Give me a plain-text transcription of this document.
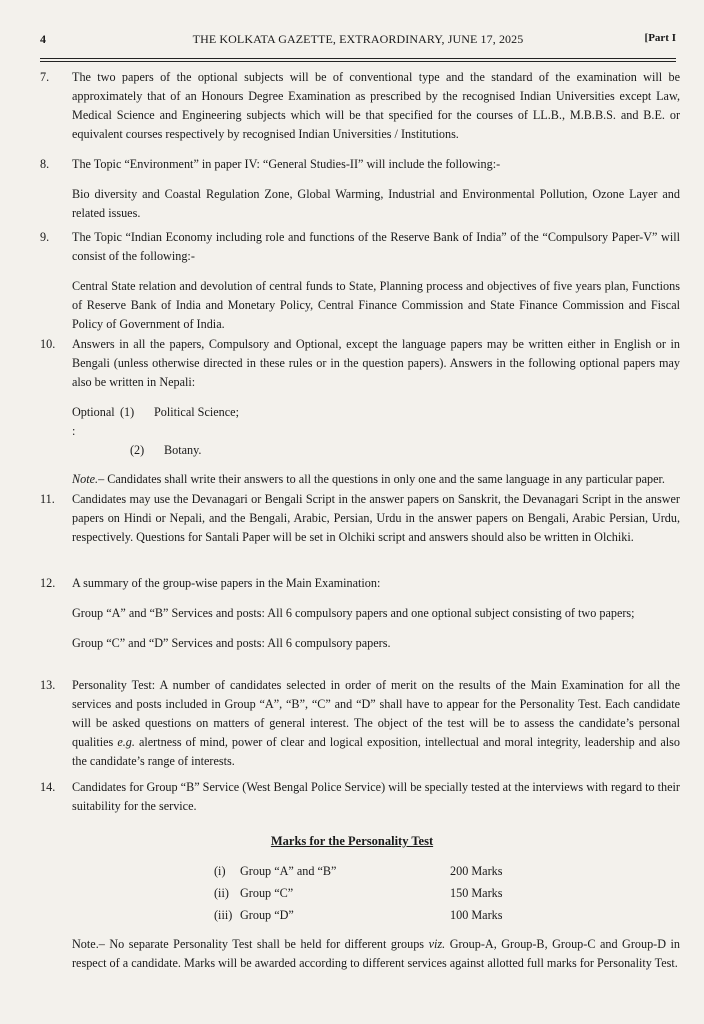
4	THE KOLKATA GAZETTE, EXTRAORDINARY, JUNE 17, 2025	[Part I
7.	The two papers of the optional subjects will be of conventional type and the standard of the examination will be approximately that of an Honours Degree Examination as prescribed by the recognised Indian Universities except Law, Medical Science and Engineering subjects which will be that specified for the courses of LL.B., M.B.B.S. and B.E. or equivalent courses respectively by recognised Indian Universities / Institutions.

8.	The Topic “Environment” in paper IV: “General Studies-II” will include the following:-

Bio diversity and Coastal Regulation Zone, Global Warming, Industrial and Environmental Pollution, Ozone Layer and related issues.

9.	The Topic “Indian Economy including role and functions of the Reserve Bank of India” of the “Compulsory Paper-V” will consist of the following:-

Central State relation and devolution of central funds to State, Planning process and objectives of five years plan, Functions of Reserve Bank of India and Monetary Policy, Central Finance Commission and State Finance Commission and Fiscal Policy of Government of India.

10.	Answers in all the papers, Compulsory and Optional, except the language papers may be written either in English or in Bengali (unless otherwise directed in these rules or in the question papers). Answers in the following optional papers may also be written in Nepali:

Optional :
(1)	Political Science;
(2)	Botany.

Note.– Candidates shall write their answers to all the questions in only one and the same language in any particular paper.

11.	Candidates may use the Devanagari or Bengali Script in the answer papers on Sanskrit, the Devanagari Script in the answer papers on Hindi or Nepali, and the Bengali, Arabic, Persian, Urdu in the answer papers on Bengali, Arabic Persian, Urdu, respectively. Questions for Santali Paper will be set in Olchiki script and answers should also be written in Olchiki.

12.	A summary of the group-wise papers in the Main Examination:

Group “A” and “B” Services and posts: All 6 compulsory papers and one optional subject consisting of two papers;

Group “C” and “D” Services and posts: All 6 compulsory papers.

13.	Personality Test: A number of candidates selected in order of merit on the results of the Main Examination for all the services and posts included in Group “A”, “B”, “C” and “D” shall have to appear for the Personality Test. Each candidate will be asked questions on matters of general interest. The object of the test will be to assess the candidate’s personal qualities e.g. alertness of mind, power of clear and logical exposition, intellectual and moral integrity, leadership and also the candidate’s range of interests.

14.	Candidates for Group “B” Service (West Bengal Police Service) will be specially tested at the interviews with regard to their suitability for the service.

Marks for the Personality Test
(i)	Group “A” and “B”	200 Marks
(ii) Group “C”	150 Marks
(iii) Group “D”	100 Marks

Note.– No separate Personality Test shall be held for different groups viz. Group-A, Group-B, Group-C and Group-D in respect of a candidate. Marks will be awarded according to different services against allotted full marks for Personality Test.
